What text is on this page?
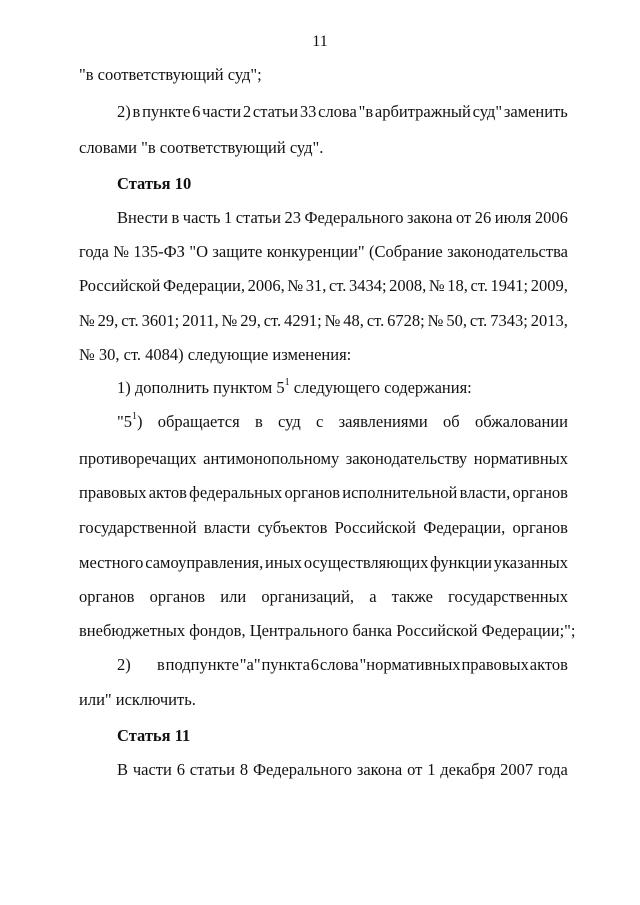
11
"в соответствующий суд";
2) в пункте 6 части 2 статьи 33 слова "в арбитражный суд" заменить
словами "в соответствующий суд".
Статья 10
Внести в часть 1 статьи 23 Федерального закона от 26 июля 2006
года № 135-ФЗ "О защите конкуренции" (Собрание законодательства
Российской Федерации, 2006, № 31, ст. 3434; 2008, № 18, ст. 1941; 2009,
№ 29, ст. 3601; 2011, № 29, ст. 4291; № 48, ст. 6728; № 50, ст. 7343; 2013,
№ 30, ст. 4084) следующие изменения:
1) дополнить пунктом $5^1$ следующего содержания:
"$5^1$) обращается в суд с заявлениями об обжаловании
противоречащих антимонопольному законодательству нормативных
правовых актов федеральных органов исполнительной власти, органов
государственной власти субъектов Российской Федерации, органов
местного самоуправления, иных осуществляющих функции указанных
органов органов или организаций, а также государственных
внебюджетных фондов, Центрального банка Российской Федерации;";
2) в подпункте "а" пункта 6 слова "нормативных правовых актов
или" исключить.
Статья 11
В части 6 статьи 8 Федерального закона от 1 декабря 2007 года
